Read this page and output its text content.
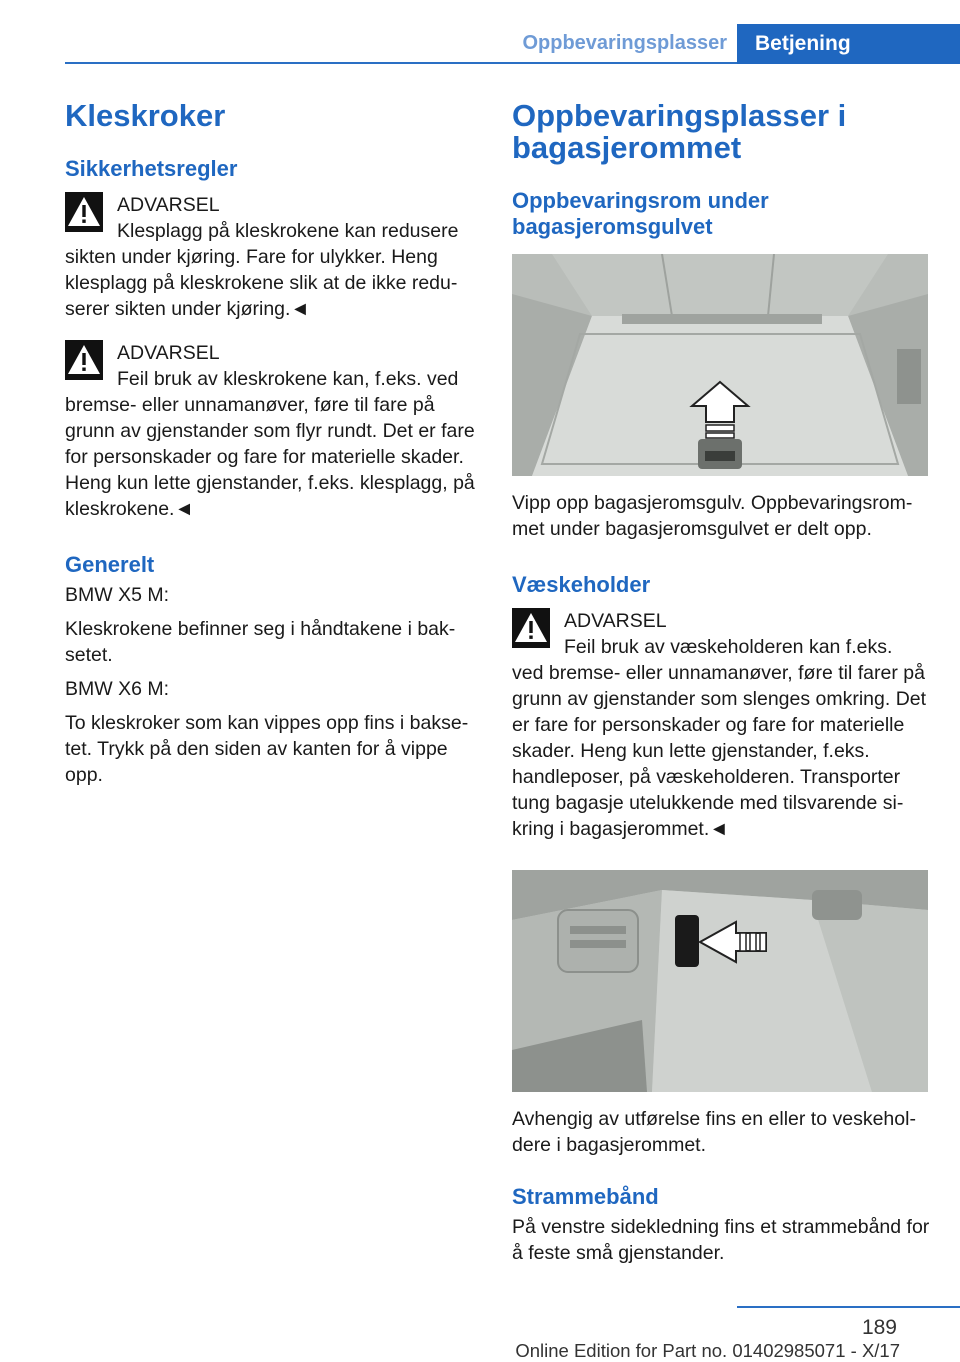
Oppbevaringsplasser	Betjening
Kleskroker
Sikkerhetsregler
ADVARSEL
Klesplagg på kleskrokene kan redusere
sikten under kjøring. Fare for ulykker. Heng klesplagg på kleskrokene slik at de ikke reduserer sikten under kjøring.◄
ADVARSEL
Feil bruk av kleskrokene kan, f.eks. ved
bremse- eller unnamanøver, føre til fare på grunn av gjenstander som flyr rundt. Det er fare for personskader og fare for materielle skader. Heng kun lette gjenstander, f.eks. klesplagg, på kleskrokene.◄
Generelt

BMW X5 M:

Kleskrokene befinner seg i håndtakene i baksetet.

BMW X6 M:

To kleskroker som kan vippes opp fins i baksetet. Trykk på den siden av kanten for å vippe opp.

Oppbevaringsplasser i bagasjerommet
Oppbevaringsrom under bagasjeromsgulvet

Vipp opp bagasjeromsgulv. Oppbevaringsrommet under bagasjeromsgulvet er delt opp.

Væskeholder
ADVARSEL
Feil bruk av væskeholderen kan f.eks.
ved bremse- eller unnamanøver, føre til farer på grunn av gjenstander som slenges omkring. Det er fare for personskader og fare for materielle skader. Heng kun lette gjenstander, f.eks. handleposer, på væskeholderen. Transporter tung bagasje utelukkende med tilsvarende sikring i bagasjerommet.◄

Avhengig av utførelse fins en eller to veskeholdere i bagasjerommet.

Strammebånd

På venstre sidekledning fins et strammebånd for å feste små gjenstander.

189
Online Edition for Part no. 01402985071 - X/17
